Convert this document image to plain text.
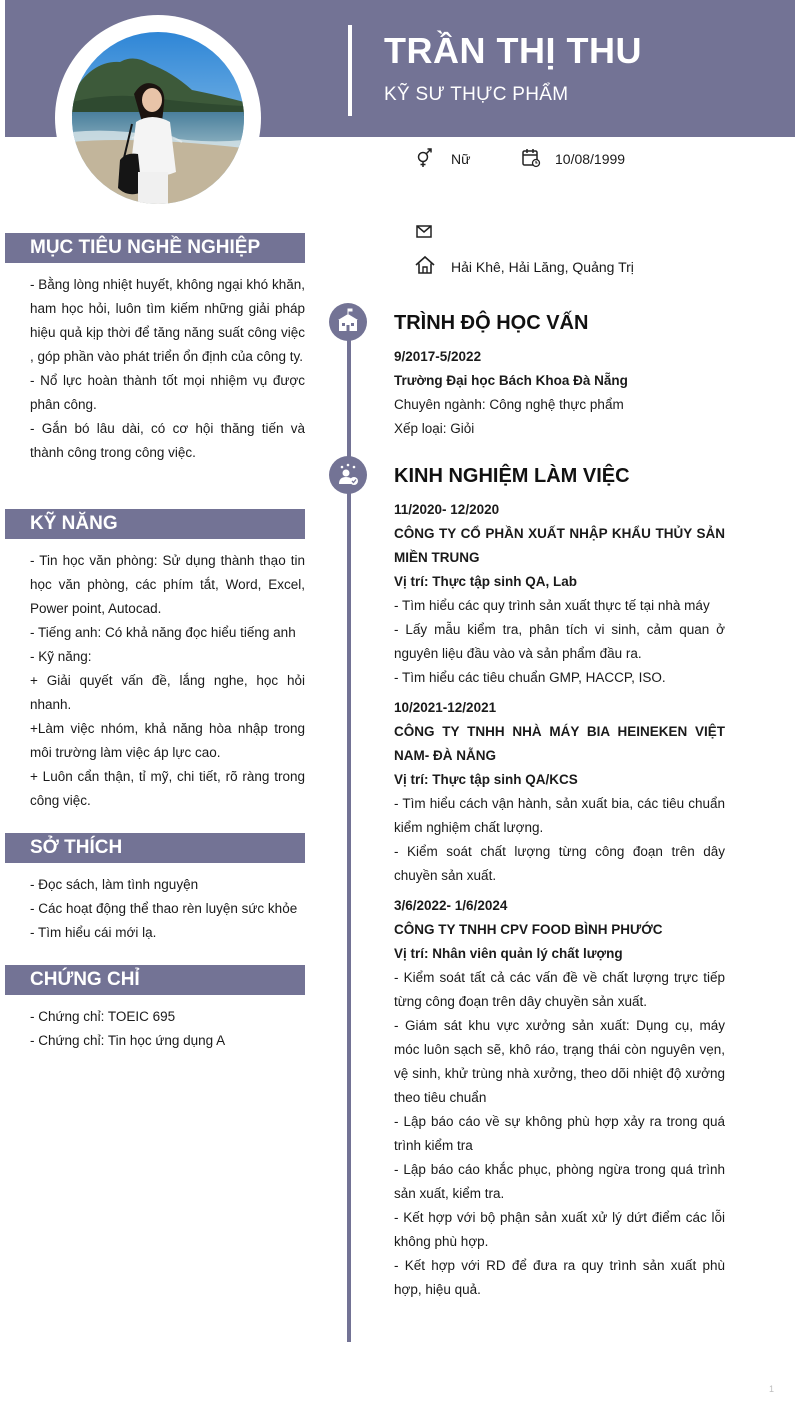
TRẦN THỊ THU
KỸ SƯ THỰC PHẨM
Nữ	10/08/1999
Hải Khê, Hải Lăng, Quảng Trị
MỤC TIÊU NGHỀ NGHIỆP

- Bằng lòng nhiệt huyết, không ngại khó khăn, ham học hỏi, luôn tìm kiếm những giải pháp hiệu quả kịp thời để tăng năng suất công việc , góp phần vào phát triển ổn định của công ty.

- Nổ lực hoàn thành tốt mọi nhiệm vụ được phân công.

- Gắn bó lâu dài, có cơ hội thăng tiến và thành công trong công việc.

KỸ NĂNG

- Tin học văn phòng: Sử dụng thành thạo tin học văn phòng, các phím tắt, Word, Excel, Power point, Autocad.

- Tiếng anh: Có khả năng đọc hiểu tiếng anh

- Kỹ năng:

+ Giải quyết vấn đề, lắng nghe, học hỏi nhanh.

+Làm việc nhóm, khả năng hòa nhập trong môi trường làm việc áp lực cao.

+ Luôn cẩn thận, tỉ mỹ, chi tiết, rõ ràng trong công việc.

SỞ THÍCH

- Đọc sách, làm tình nguyện

- Các hoạt động thể thao rèn luyện sức khỏe

- Tìm hiểu cái mới lạ.

CHỨNG CHỈ

- Chứng chỉ: TOEIC 695

- Chứng chỉ: Tin học ứng dụng A

TRÌNH ĐỘ HỌC VẤN

9/2017-5/2022

Trường Đại học Bách Khoa Đà Nẵng

Chuyên ngành: Công nghệ thực phẩm

Xếp loại: Giỏi

KINH NGHIỆM LÀM VIỆC

11/2020- 12/2020

CÔNG TY CỔ PHẦN XUẤT NHẬP KHẨU THỦY SẢN MIỀN TRUNG

Vị trí: Thực tập sinh QA, Lab

- Tìm hiểu các quy trình sản xuất thực tế tại nhà máy

- Lấy mẫu kiểm tra, phân tích vi sinh, cảm quan ở nguyên liệu đầu vào và sản phẩm đầu ra.

- Tìm hiểu các tiêu chuẩn GMP, HACCP, ISO.

10/2021-12/2021

CÔNG TY TNHH NHÀ MÁY BIA HEINEKEN VIỆT NAM- ĐÀ NẴNG

Vị trí: Thực tập sinh QA/KCS

- Tìm hiểu cách vận hành, sản xuất bia, các tiêu chuẩn kiểm nghiệm chất lượng.

- Kiểm soát chất lượng từng công đoạn trên dây chuyền sản xuất.

3/6/2022- 1/6/2024

CÔNG TY TNHH CPV FOOD BÌNH PHƯỚC

Vị trí: Nhân viên quản lý chất lượng

- Kiểm soát tất cả các vấn đề về chất lượng trực tiếp từng công đoạn trên dây chuyền sản xuất.

- Giám sát khu vực xưởng sản xuất: Dụng cụ, máy móc luôn sạch sẽ, khô ráo, trạng thái còn nguyên vẹn, vệ sinh, khử trùng nhà xưởng, theo dõi nhiệt độ xưởng theo tiêu chuẩn

- Lập báo cáo về sự không phù hợp xảy ra trong quá trình kiểm tra

- Lập báo cáo khắc phục, phòng ngừa trong quá trình sản xuất, kiểm tra.

- Kết hợp với bộ phận sản xuất xử lý dứt điểm các lỗi không phù hợp.

- Kết hợp với RD để đưa ra quy trình sản xuất phù hợp, hiệu quả.

1
